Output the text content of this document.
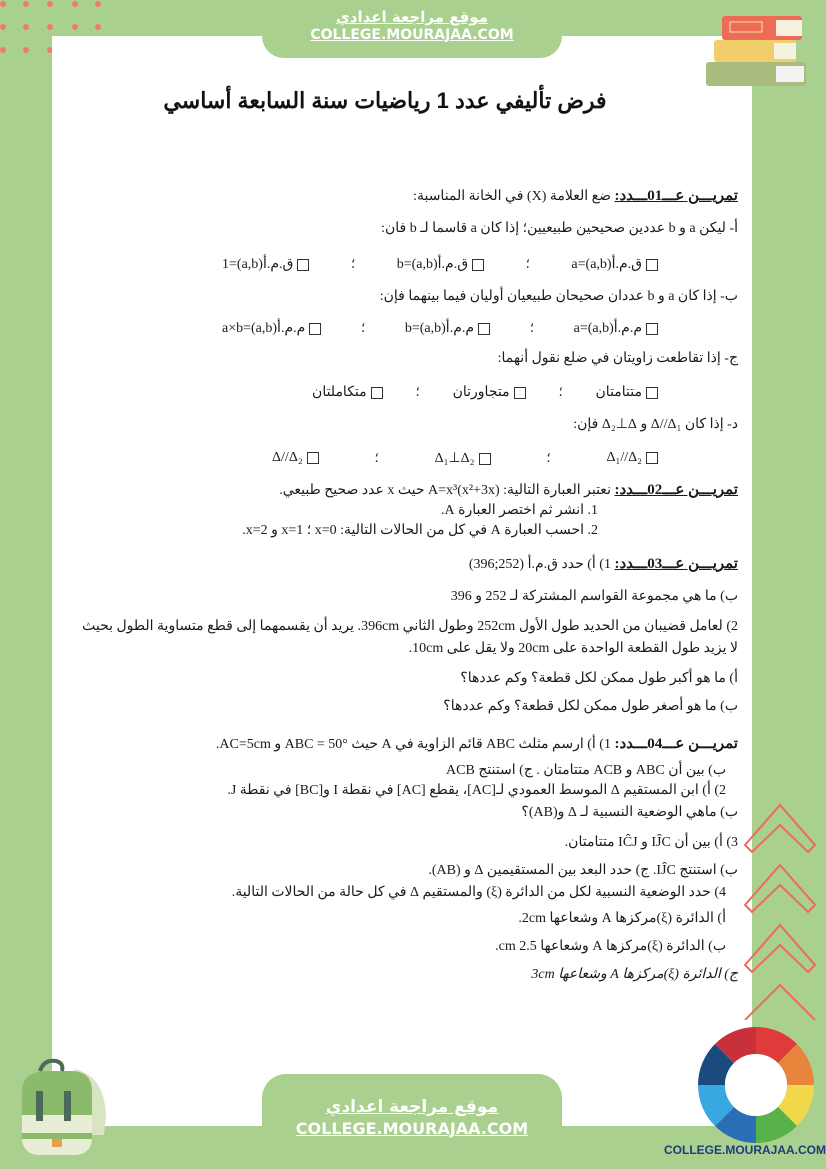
موقع مراجعة اعدادي
COLLEGE.MOURAJAA.COM
فرض تأليفي عدد 1 رياضيات سنة السابعة أساسي
تمريـــن عـــ01ـــدد: ضع العلامة (X) في الخانة المناسبة:
أ- ليكن a و b عددين صحيحين طبيعيين؛ إذا كان a قاسما لـ b فان:
ق.م.أ(a,b)=a
؛
ق.م.أ(a,b)=b
؛
ق.م.أ(a,b)=1
ب- إذا كان a و b عددان صحيحان طبيعيان أوليان فيما بينهما فإن:
م.م.أ(a,b)=a
؛
م.م.أ(a,b)=b
؛
م.م.أ(a,b)=a×b
ج- إذا تقاطعت زاويتان في ضلع نقول أنهما:
متتامتان
؛
متجاورتان
؛
متكاملتان
د- إذا كان Δ//Δ₁ و Δ₂⊥Δ فإن:
Δ₁//Δ₂
؛
Δ₁⊥Δ₂
؛
Δ//Δ₂
تمريـــن عـــ02ـــدد: نعتبر العبارة التالية: A=x³(x²+3x) حيث x عدد صحيح طبيعي.
1. انشر ثم اختصر العبارة A.
2. احسب العبارة A في كل من الحالات التالية: x=0 ؛ x=1 و x=2.
تمريـــن عـــ03ـــدد: 1) أ) حدد ق.م.أ (252;396)
ب) ما هي مجموعة القواسم المشتركة لـ 252 و 396
2) لعامل قضيبان من الحديد طول الأول 252cm وطول الثاني 396cm. يريد أن يقسمهما إلى قطع متساوية الطول بحيث
لا يزيد طول القطعة الواحدة على 20cm ولا يقل على 10cm.
أ) ما هو أكبر طول ممكن لكل قطعة؟ وكم عددها؟
ب) ما هو أصغر طول ممكن لكل قطعة؟ وكم عددها؟
تمريـــن عـــ04ـــدد: 1) أ) ارسم مثلث ABC قائم الزاوية في A حيث ABC = 50° و AC=5cm.
ب) بين أن ABC و ACB متتامتان . ج) استنتج ACB
2) أ) ابن المستقيم Δ الموسط العمودي لـ[AC]، يقطع [AC] في نقطة I و[BC] في نقطة J.
ب) ماهي الوضعية النسبية لـ Δ و(AB)؟
3) أ) بين أن IĴC و IĈJ متتامتان.
ب) استنتج IĴC. ج) حدد البعد بين المستقيمين Δ و (AB).
4) حدد الوضعية النسبية لكل من الدائرة (ξ) والمستقيم Δ في كل حالة من الحالات التالية.
أ) الدائرة (ξ)مركزها A وشعاعها 2cm.
ب) الدائرة (ξ)مركزها A وشعاعها 2.5 cm.
ج) الدائرة (ξ)مركزها A وشعاعها 3cm
موقع مراجعة اعدادي
COLLEGE.MOURAJAA.COM
COLLEGE.MOURAJAA.COM
